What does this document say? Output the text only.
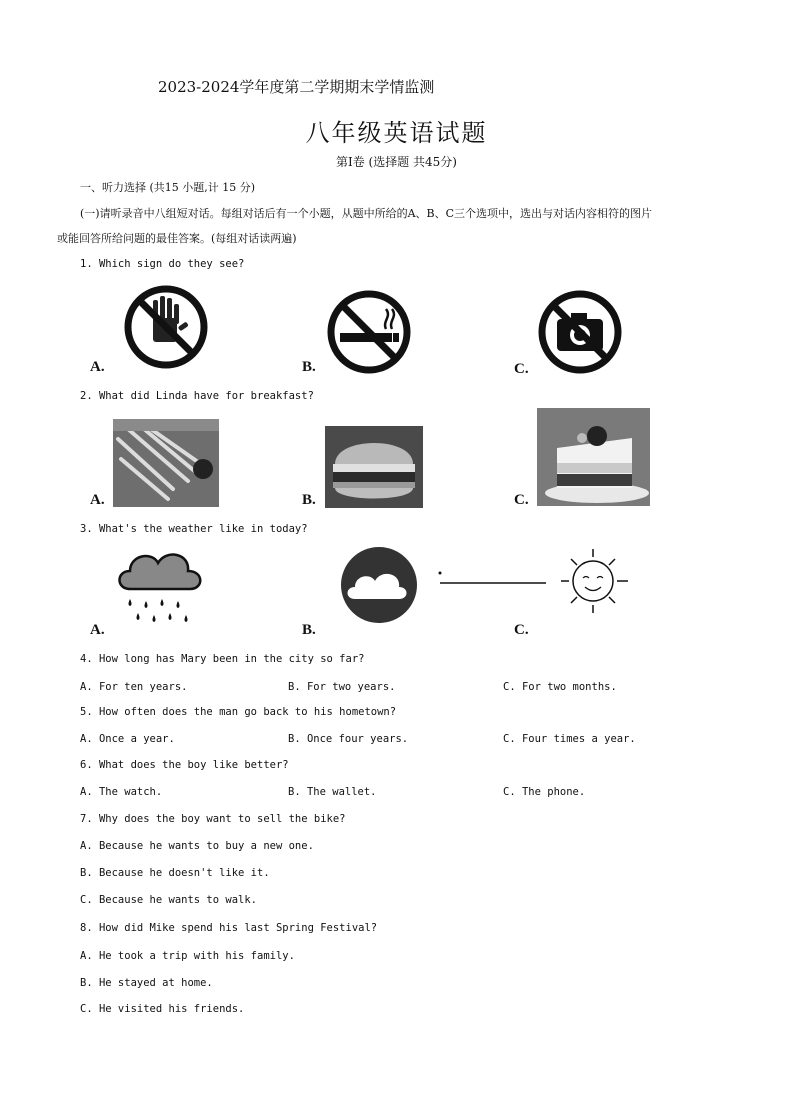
2023-2024学年度第二学期期末学情监测
八年级英语试题
第Ⅰ卷 (选择题 共45分)
一、听力选择 (共15 小题,计 15 分)
(一)请听录音中八组短对话。每组对话后有一个小题，从题中所给的A、B、C三个选项中，选出与对话内容相符的图片
或能回答所给问题的最佳答案。(每组对话读两遍)
1. Which sign do they see?
A.	B.	C.
2. What did Linda have for breakfast?
A.	B.	C.
3. What's the weather like in today?
A.	B.	C.
4. How long has Mary been in the city so far?
A. For ten years.	B. For two years.	C. For two months.
5. How often does the man go back to his hometown?
A. Once a year.	B. Once four years.	C. Four times a year.
6. What does the boy like better?
A. The watch.	B. The wallet.	C. The phone.
7. Why does the boy want to sell the bike?
A. Because he wants to buy a new one.
B. Because he doesn't like it.
C. Because he wants to walk.
8. How did Mike spend his last Spring Festival?
A. He took a trip with his family.
B. He stayed at home.
C. He visited his friends.
